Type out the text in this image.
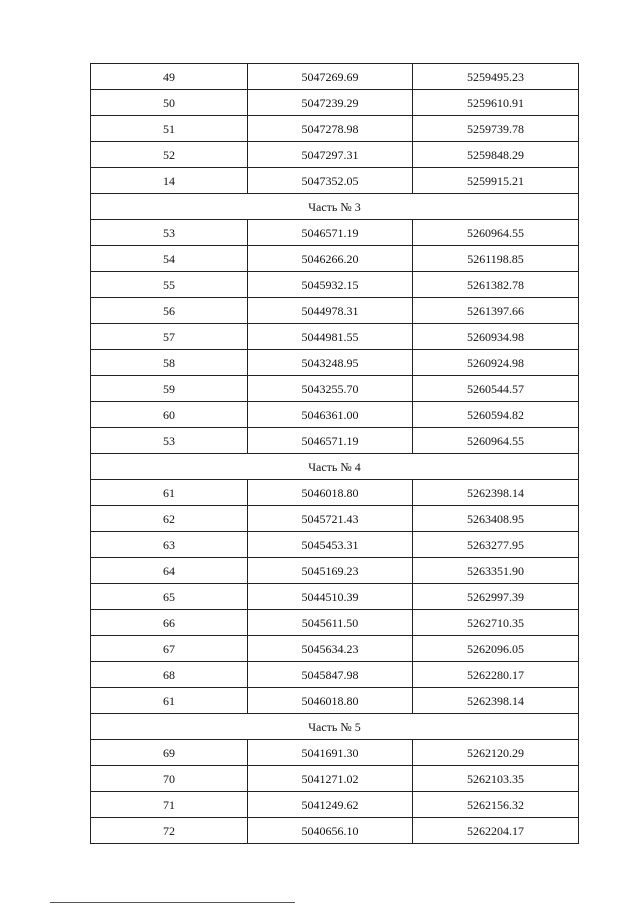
49	5047269.69	5259495.23
50	5047239.29	5259610.91
51	5047278.98	5259739.78
52	5047297.31	5259848.29
14	5047352.05	5259915.21
Часть № 3		
53	5046571.19	5260964.55
54	5046266.20	5261198.85
55	5045932.15	5261382.78
56	5044978.31	5261397.66
57	5044981.55	5260934.98
58	5043248.95	5260924.98
59	5043255.70	5260544.57
60	5046361.00	5260594.82
53	5046571.19	5260964.55
Часть № 4		
61	5046018.80	5262398.14
62	5045721.43	5263408.95
63	5045453.31	5263277.95
64	5045169.23	5263351.90
65	5044510.39	5262997.39
66	5045611.50	5262710.35
67	5045634.23	5262096.05
68	5045847.98	5262280.17
61	5046018.80	5262398.14
Часть № 5		
69	5041691.30	5262120.29
70	5041271.02	5262103.35
71	5041249.62	5262156.32
72	5040656.10	5262204.17
